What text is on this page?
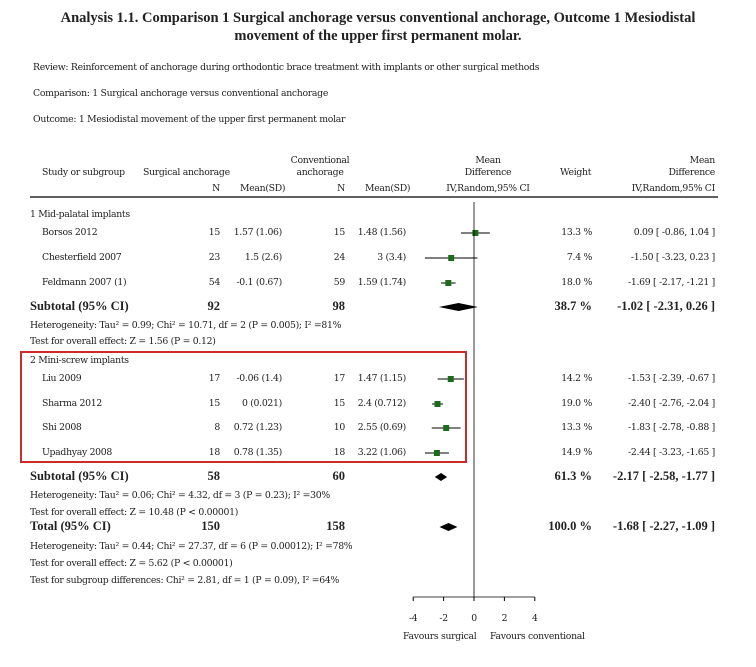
Analysis 1.1. Comparison 1 Surgical anchorage versus conventional anchorage, Outcome 1 Mesiodistal
movement of the upper first permanent molar.
Review: Reinforcement of anchorage during orthodontic brace treatment with implants or other surgical methods
Comparison: 1 Surgical anchorage versus conventional anchorage
Outcome: 1 Mesiodistal movement of the upper first permanent molar
Study or subgroup Surgical anchorage
Conventional
anchorage
N Mean(SD)	N Mean(SD)
Mean
Difference
IV,Random,95% CI
Weight
Mean
Difference
IV,Random,95% CI
1 Mid-palatal implants
Borsos 2012	15	1.57 (1.06)	15	1.48 (1.56)	13.3 %	0.09 [ -0.86, 1.04 ]
Chesterfield 2007	23	1.5 (2.6)	24	3 (3.4)	7.4 %	-1.50 [ -3.23, 0.23 ]
Feldmann 2007 (1)	54	-0.1 (0.67)	59	1.59 (1.74)	18.0 %	-1.69 [ -2.17, -1.21 ]
Subtotal (95% CI)	92	98	38.7 %	-1.02 [ -2.31, 0.26 ]
Heterogeneity: Tau² = 0.99; Chi² = 10.71, df = 2 (P = 0.005); I² =81%
Test for overall effect: Z = 1.56 (P = 0.12)
2 Mini-screw implants
Liu 2009	17	-0.06 (1.4)	17	1.47 (1.15)	14.2 %	-1.53 [ -2.39, -0.67 ]
Sharma 2012	15	0 (0.021)	15	2.4 (0.712)	19.0 %	-2.40 [ -2.76, -2.04 ]
Shi 2008	8	0.72 (1.23)	10	2.55 (0.69)	13.3 %	-1.83 [ -2.78, -0.88 ]
Upadhyay 2008	18	0.78 (1.35)	18	3.22 (1.06)	14.9 %	-2.44 [ -3.23, -1.65 ]
Subtotal (95% CI)	58	60	61.3 %	-2.17 [ -2.58, -1.77 ]
Heterogeneity: Tau² = 0.06; Chi² = 4.32, df = 3 (P = 0.23); I² =30%
Test for overall effect: Z = 10.48 (P < 0.00001)
Total (95% CI)	150	158	100.0 %	-1.68 [ -2.27, -1.09 ]
Heterogeneity: Tau² = 0.44; Chi² = 27.37, df = 6 (P = 0.00012); I² =78%
Test for overall effect: Z = 5.62 (P < 0.00001)
Test for subgroup differences: Chi² = 2.81, df = 1 (P = 0.09), I² =64%
-4	-2	0	2	4
Favours surgical Favours conventional
